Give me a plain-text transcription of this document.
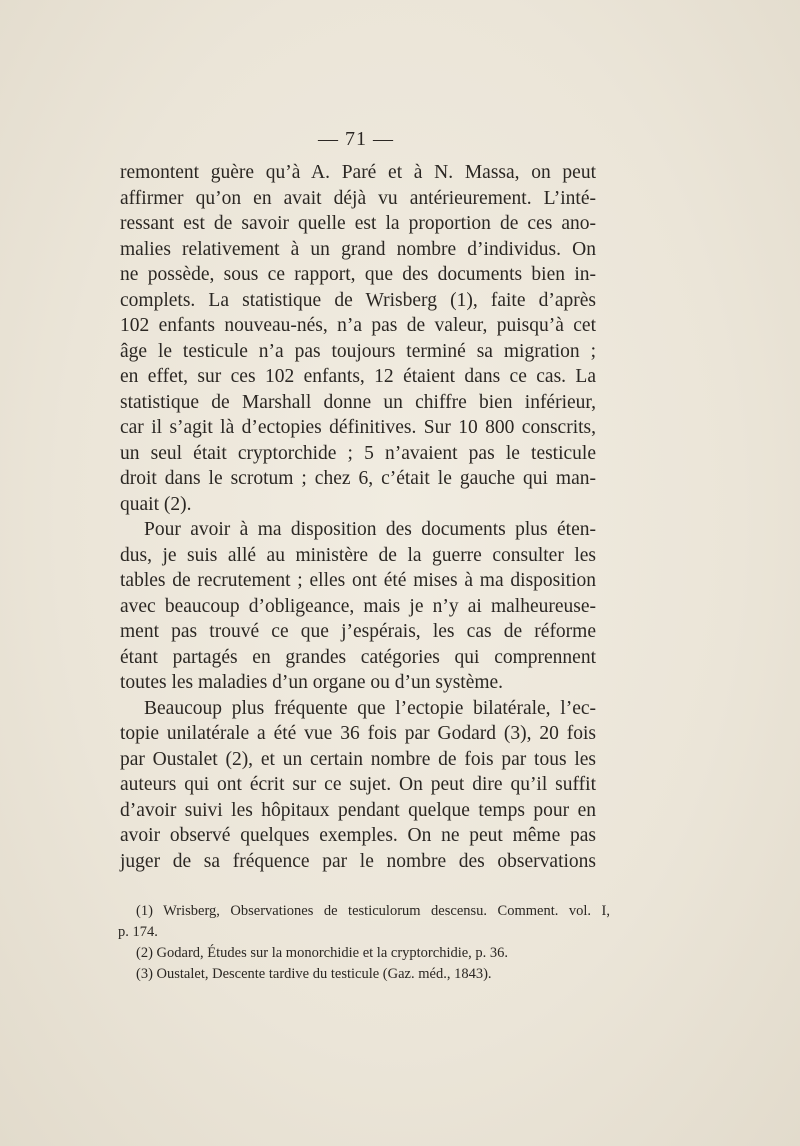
— 71 —
remontent guère qu’à A. Paré et à N. Massa, on peut
affirmer qu’on en avait déjà vu antérieurement. L’inté-
ressant est de savoir quelle est la proportion de ces ano-
malies relativement à un grand nombre d’individus. On
ne possède, sous ce rapport, que des documents bien in-
complets. La statistique de Wrisberg (1), faite d’après
102 enfants nouveau-nés, n’a pas de valeur, puisqu’à cet
âge le testicule n’a pas toujours terminé sa migration ;
en effet, sur ces 102 enfants, 12 étaient dans ce cas. La
statistique de Marshall donne un chiffre bien inférieur,
car il s’agit là d’ectopies définitives. Sur 10 800 conscrits,
un seul était cryptorchide ; 5 n’avaient pas le testicule
droit dans le scrotum ; chez 6, c’était le gauche qui man-
quait (2).
Pour avoir à ma disposition des documents plus éten-
dus, je suis allé au ministère de la guerre consulter les
tables de recrutement ; elles ont été mises à ma disposition
avec beaucoup d’obligeance, mais je n’y ai malheureuse-
ment pas trouvé ce que j’espérais, les cas de réforme
étant partagés en grandes catégories qui comprennent
toutes les maladies d’un organe ou d’un système.
Beaucoup plus fréquente que l’ectopie bilatérale, l’ec-
topie unilatérale a été vue 36 fois par Godard (3), 20 fois
par Oustalet (2), et un certain nombre de fois par tous les
auteurs qui ont écrit sur ce sujet. On peut dire qu’il suffit
d’avoir suivi les hôpitaux pendant quelque temps pour en
avoir observé quelques exemples. On ne peut même pas
juger de sa fréquence par le nombre des observations
(1) Wrisberg, Observationes de testiculorum descensu. Comment. vol. I,
p. 174.
(2) Godard, Études sur la monorchidie et la cryptorchidie, p. 36.
(3) Oustalet, Descente tardive du testicule (Gaz. méd., 1843).
